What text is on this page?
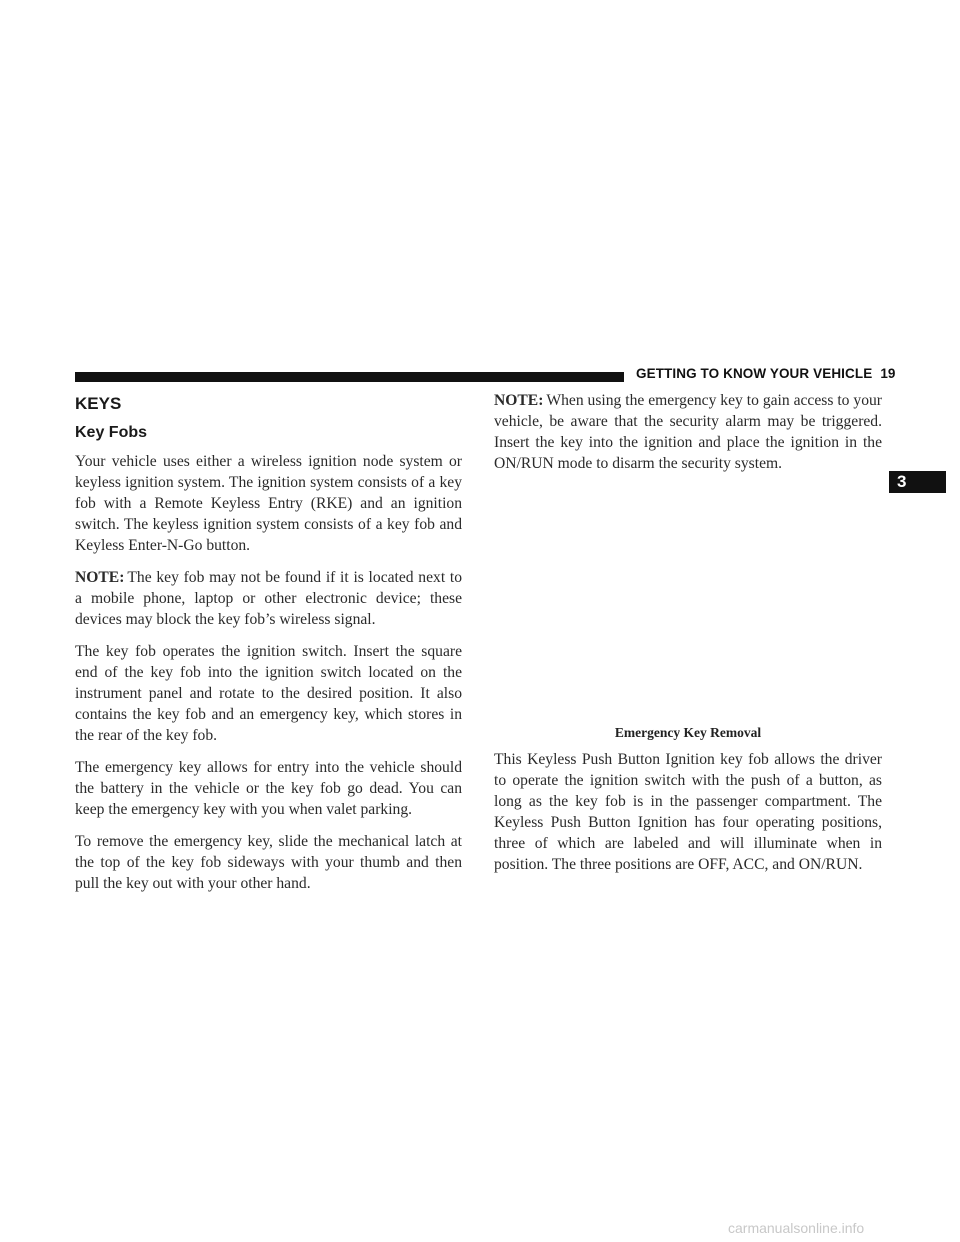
GETTING TO KNOW YOUR VEHICLE 19
3
KEYS
Key Fobs

Your vehicle uses either a wireless ignition node system or keyless ignition system. The ignition system consists of a key fob with a Remote Keyless Entry (RKE) and an ignition switch. The keyless ignition system consists of a key fob and Keyless Enter-N-Go button.

NOTE: The key fob may not be found if it is located next to a mobile phone, laptop or other electronic device; these devices may block the key fob’s wireless signal.

The key fob operates the ignition switch. Insert the square end of the key fob into the ignition switch located on the instrument panel and rotate to the desired position. It also contains the key fob and an emergency key, which stores in the rear of the key fob.

The emergency key allows for entry into the vehicle should the battery in the vehicle or the key fob go dead. You can keep the emergency key with you when valet parking.

To remove the emergency key, slide the mechanical latch at the top of the key fob sideways with your thumb and then pull the key out with your other hand.

NOTE: When using the emergency key to gain access to your vehicle, be aware that the security alarm may be triggered. Insert the key into the ignition and place the ignition in the ON/RUN mode to disarm the security system.

Emergency Key Removal

This Keyless Push Button Ignition key fob allows the driver to operate the ignition switch with the push of a button, as long as the key fob is in the passenger compartment. The Keyless Push Button Ignition has four operating positions, three of which are labeled and will illuminate when in position. The three positions are OFF, ACC, and ON/RUN.

carmanualsonline.info
